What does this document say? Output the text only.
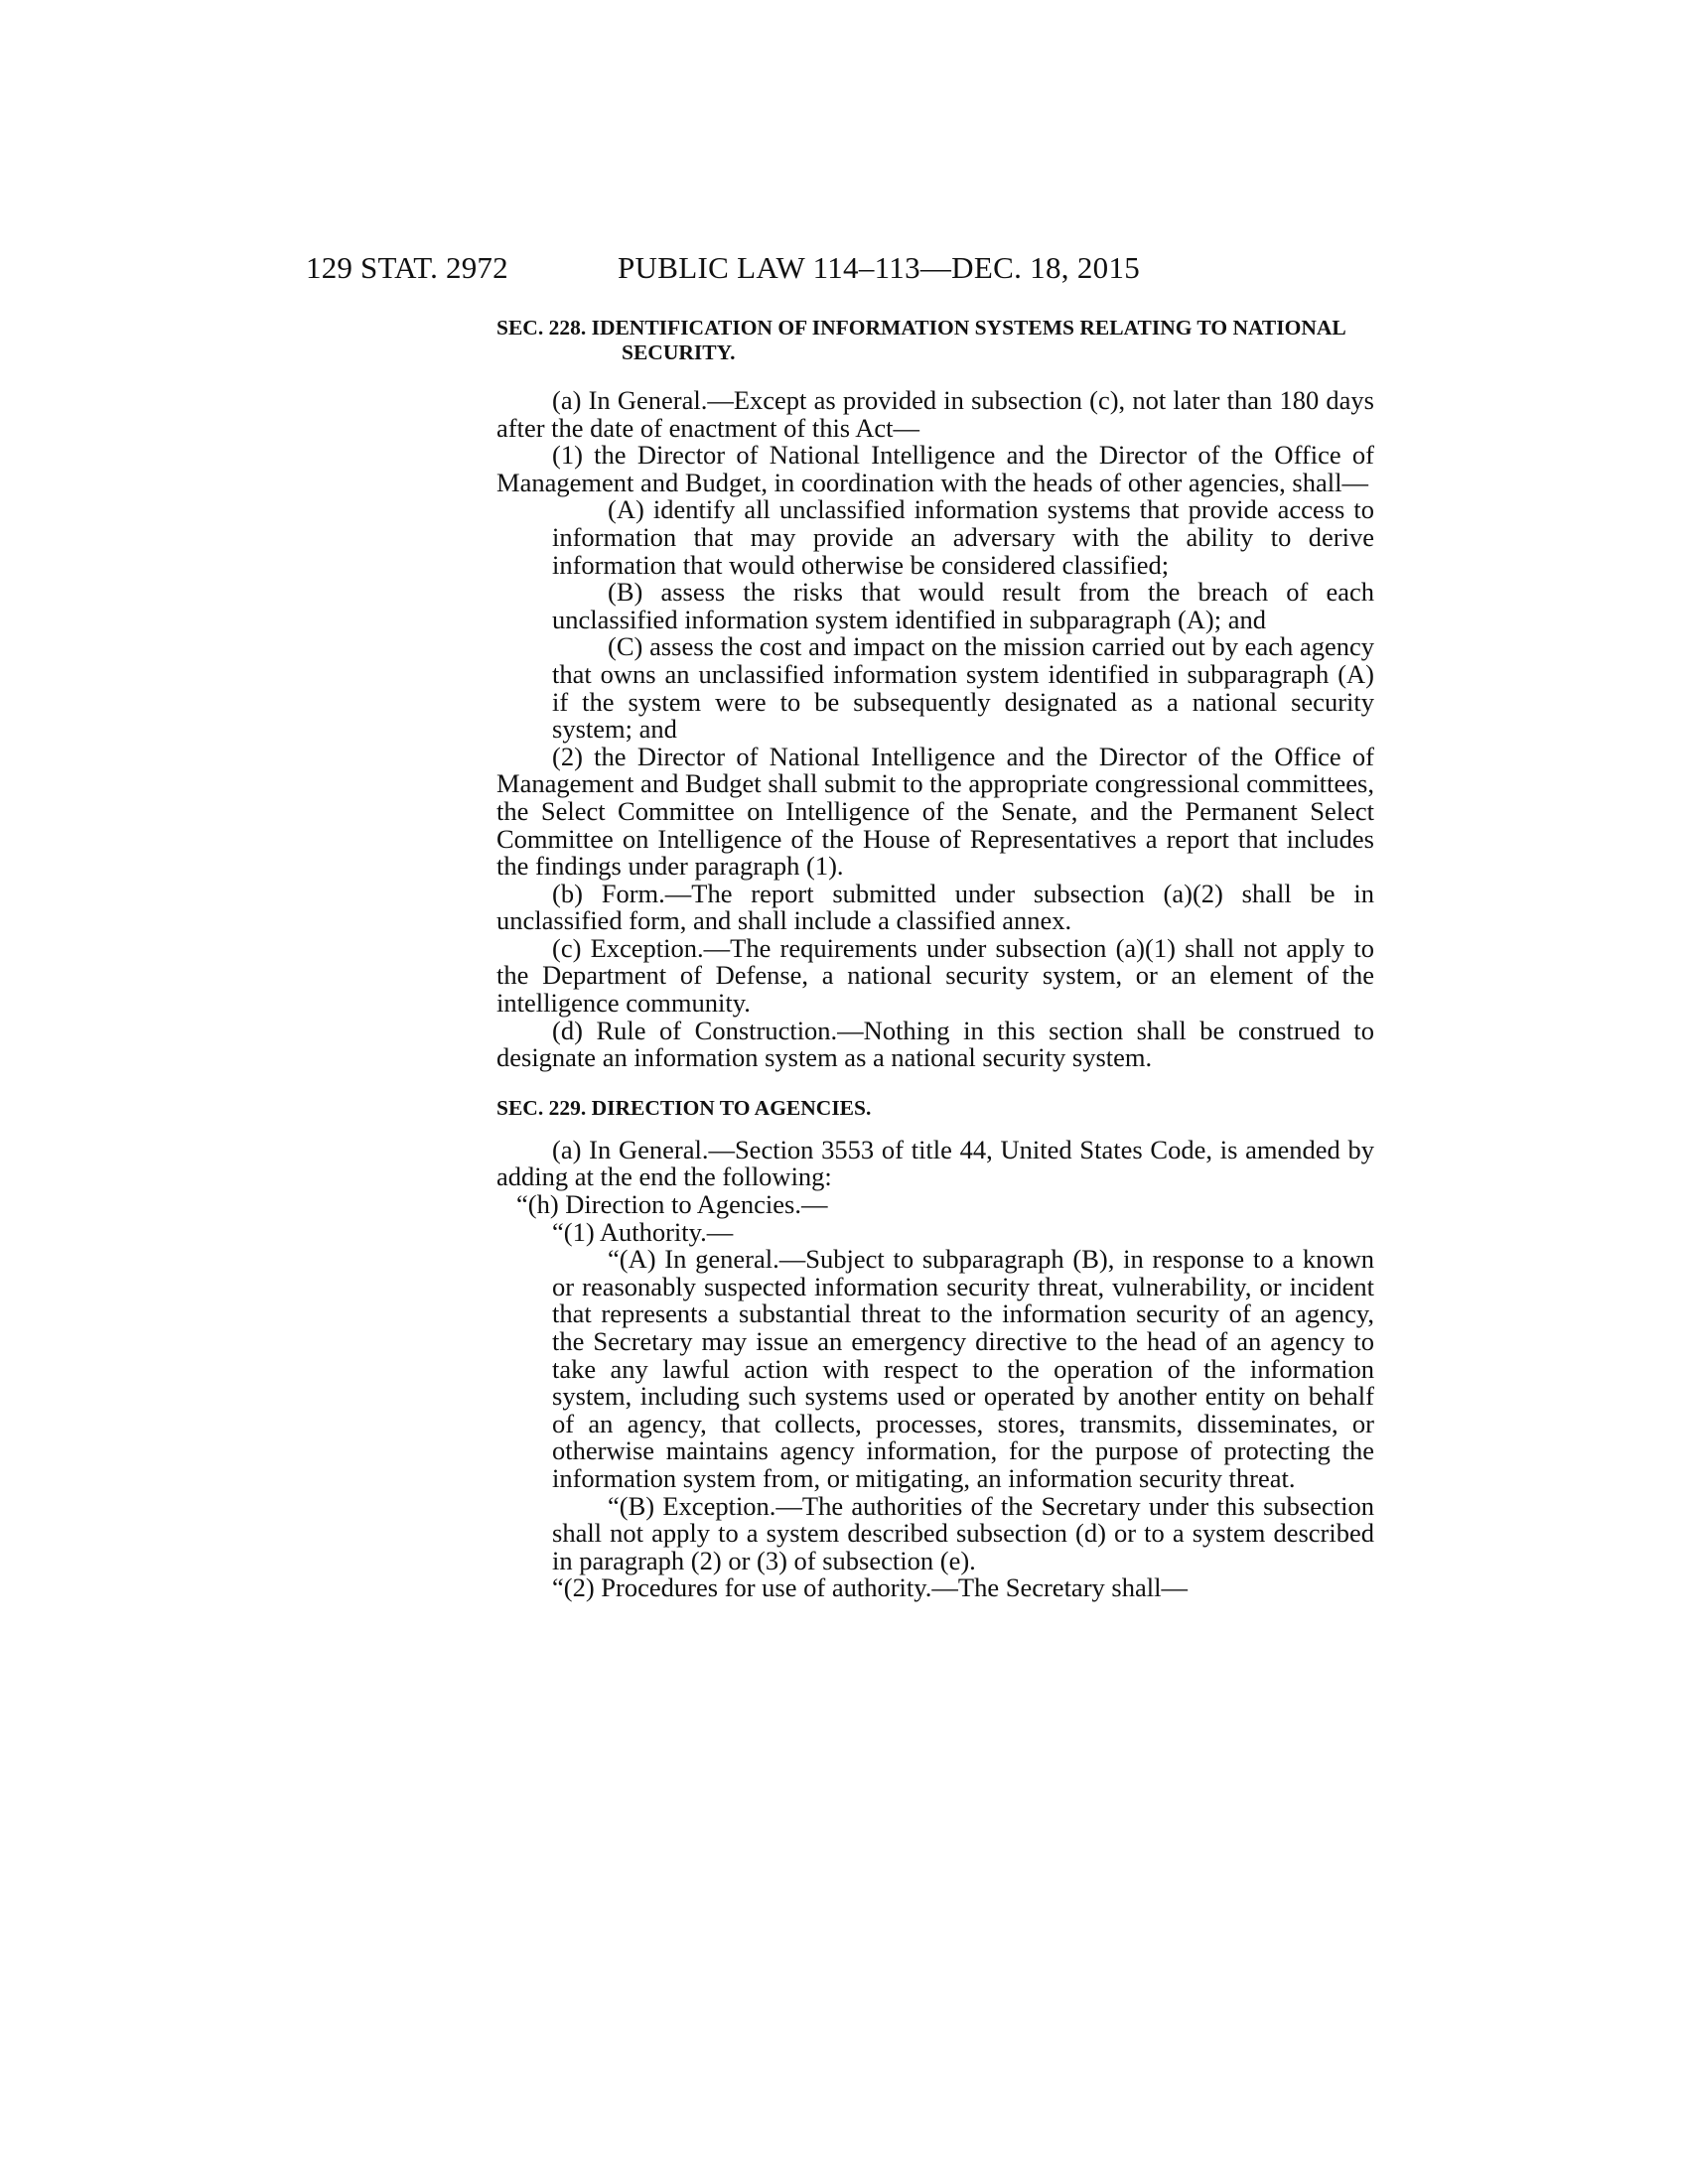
129 STAT. 2972	PUBLIC LAW 114–113—DEC. 18, 2015
SEC. 228. IDENTIFICATION OF INFORMATION SYSTEMS RELATING TO NATIONAL SECURITY.

(a) In General.—Except as provided in subsection (c), not later than 180 days after the date of enactment of this Act—

(1) the Director of National Intelligence and the Director of the Office of Management and Budget, in coordination with the heads of other agencies, shall—

(A) identify all unclassified information systems that provide access to information that may provide an adversary with the ability to derive information that would otherwise be considered classified;

(B) assess the risks that would result from the breach of each unclassified information system identified in subparagraph (A); and

(C) assess the cost and impact on the mission carried out by each agency that owns an unclassified information system identified in subparagraph (A) if the system were to be subsequently designated as a national security system; and

(2) the Director of National Intelligence and the Director of the Office of Management and Budget shall submit to the appropriate congressional committees, the Select Committee on Intelligence of the Senate, and the Permanent Select Committee on Intelligence of the House of Representatives a report that includes the findings under paragraph (1).

(b) Form.—The report submitted under subsection (a)(2) shall be in unclassified form, and shall include a classified annex.

(c) Exception.—The requirements under subsection (a)(1) shall not apply to the Department of Defense, a national security system, or an element of the intelligence community.

(d) Rule of Construction.—Nothing in this section shall be construed to designate an information system as a national security system.

SEC. 229. DIRECTION TO AGENCIES.

(a) In General.—Section 3553 of title 44, United States Code, is amended by adding at the end the following:

“(h) Direction to Agencies.—

“(1) Authority.—

“(A) In general.—Subject to subparagraph (B), in response to a known or reasonably suspected information security threat, vulnerability, or incident that represents a substantial threat to the information security of an agency, the Secretary may issue an emergency directive to the head of an agency to take any lawful action with respect to the operation of the information system, including such systems used or operated by another entity on behalf of an agency, that collects, processes, stores, transmits, disseminates, or otherwise maintains agency information, for the purpose of protecting the information system from, or mitigating, an information security threat.

“(B) Exception.—The authorities of the Secretary under this subsection shall not apply to a system described subsection (d) or to a system described in paragraph (2) or (3) of subsection (e).

“(2) Procedures for use of authority.—The Secretary shall—
